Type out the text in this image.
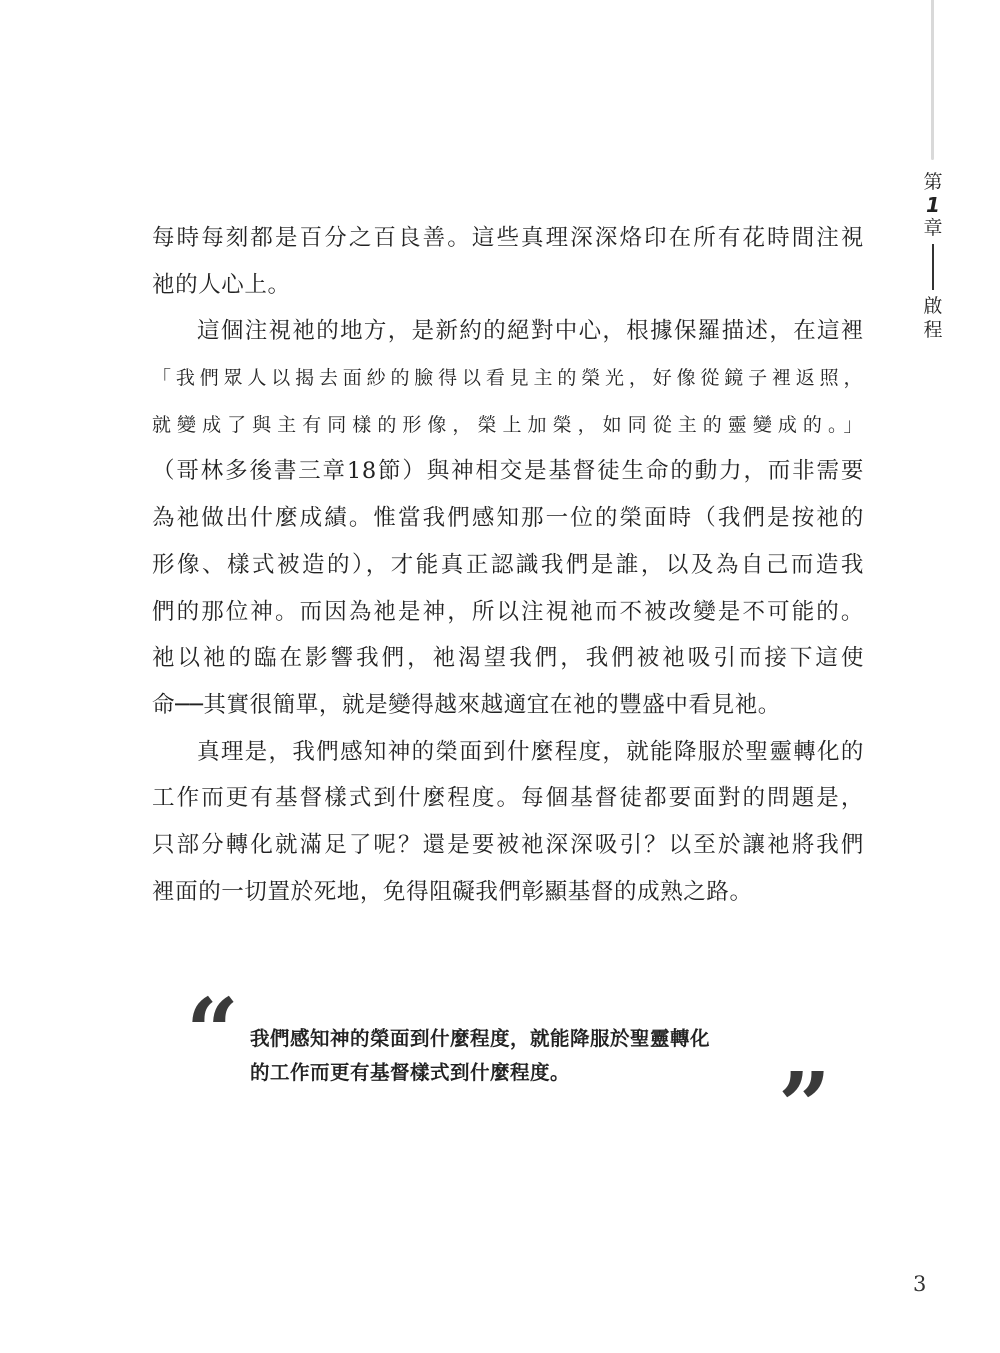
第
1
章
啟
程
每時每刻都是百分之百良善。這些真理深深烙印在所有花時間注視
祂的人心上。
這個注視祂的地方，是新約的絕對中心，根據保羅描述，在這裡
「我們眾人以揭去面紗的臉得以看見主的榮光，好像從鏡子裡返照，
就變成了與主有同樣的形像，榮上加榮，如同從主的靈變成的。」
（哥林多後書三章18節）與神相交是基督徒生命的動力，而非需要
為祂做出什麼成績。惟當我們感知那一位的榮面時（我們是按祂的
形像、樣式被造的），才能真正認識我們是誰，以及為自己而造我
們的那位神。而因為祂是神，所以注視祂而不被改變是不可能的。
祂以祂的臨在影響我們，祂渴望我們，我們被祂吸引而接下這使
命──其實很簡單，就是變得越來越適宜在祂的豐盛中看見祂。
真理是，我們感知神的榮面到什麼程度，就能降服於聖靈轉化的
工作而更有基督樣式到什麼程度。每個基督徒都要面對的問題是，
只部分轉化就滿足了呢？還是要被祂深深吸引？以至於讓祂將我們
裡面的一切置於死地，免得阻礙我們彰顯基督的成熟之路。
“ 我們感知神的榮面到什麼程度，就能降服於聖靈轉化
的工作而更有基督樣式到什麼程度。	”
3
